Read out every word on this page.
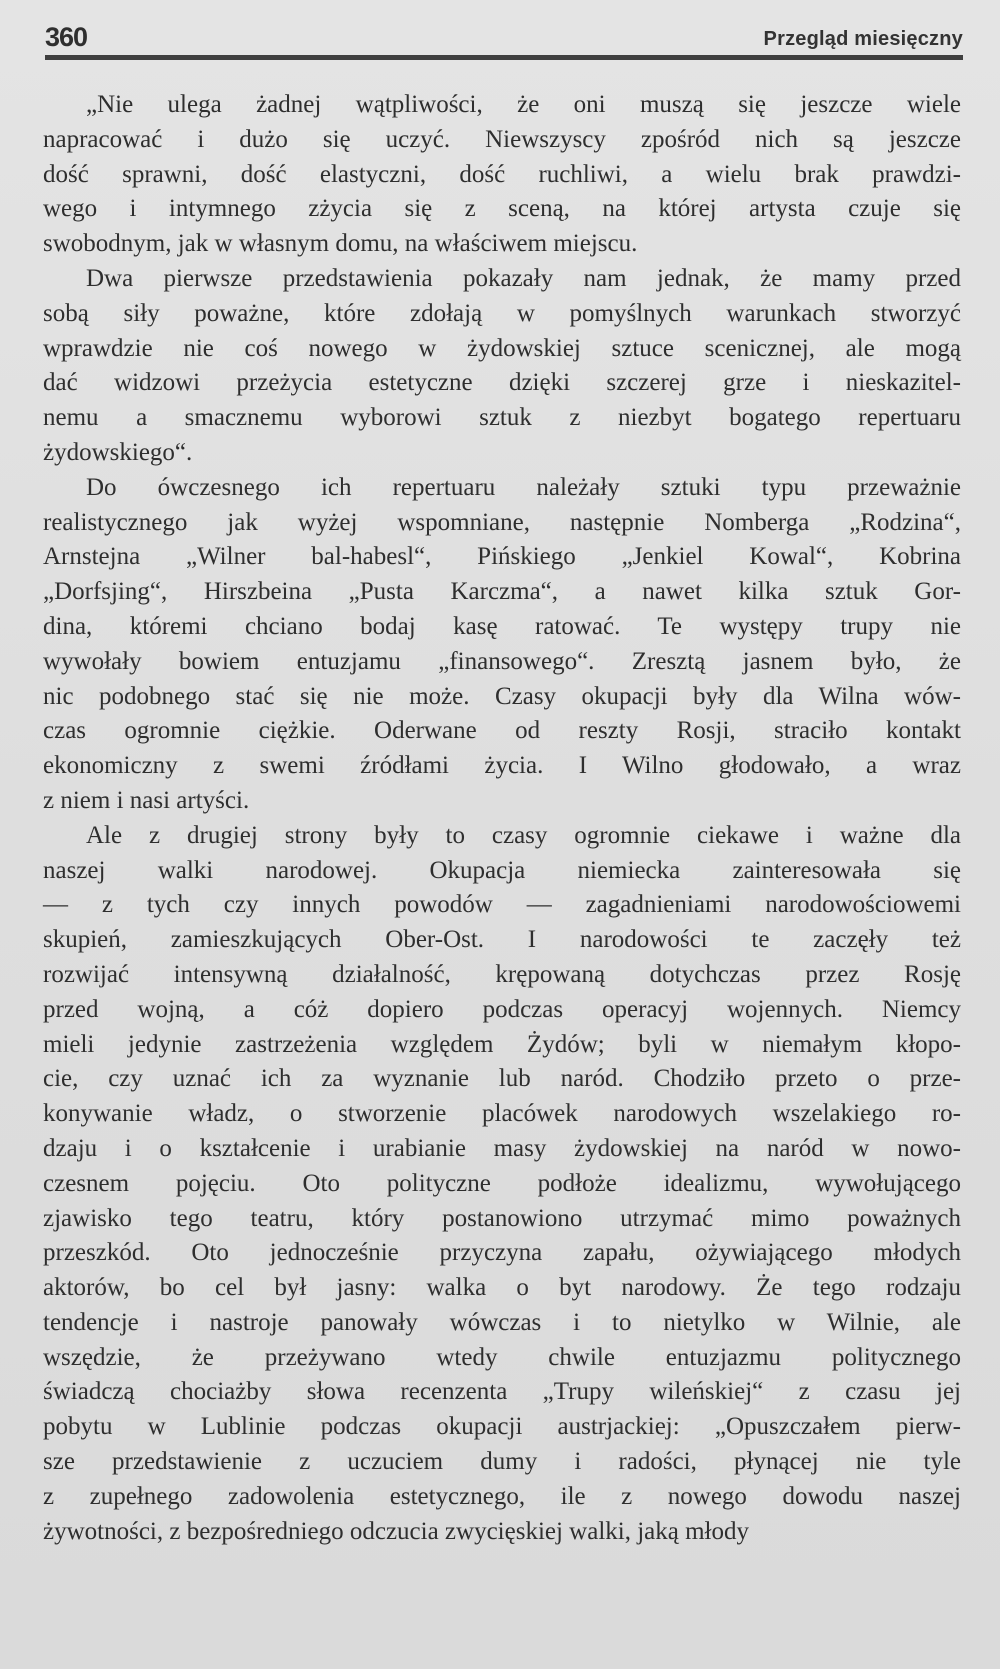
360	Przegląd miesięczny
„Nie ulega żadnej wątpliwości, że oni muszą się jeszcze wiele
napracować i dużo się uczyć. Niewszyscy zpośród nich są jeszcze
dość sprawni, dość elastyczni, dość ruchliwi, a wielu brak prawdzi-
wego i intymnego zżycia się z sceną, na której artysta czuje się
swobodnym, jak w własnym domu, na właściwem miejscu.
Dwa pierwsze przedstawienia pokazały nam jednak, że mamy przed
sobą siły poważne, które zdołają w pomyślnych warunkach stworzyć
wprawdzie nie coś nowego w żydowskiej sztuce scenicznej, ale mogą
dać widzowi przeżycia estetyczne dzięki szczerej grze i nieskazitel-
nemu a smacznemu wyborowi sztuk z niezbyt bogatego repertuaru
żydowskiego“.
Do ówczesnego ich repertuaru należały sztuki typu przeważnie
realistycznego jak wyżej wspomniane, następnie Nomberga „Rodzina“,
Arnstejna „Wilner bal-habesl“, Pińskiego „Jenkiel Kowal“, Kobrina
„Dorfsjing“, Hirszbeina „Pusta Karczma“, a nawet kilka sztuk Gor-
dina, któremi chciano bodaj kasę ratować. Te występy trupy nie
wywołały bowiem entuzjamu „finansowego“. Zresztą jasnem było, że
nic podobnego stać się nie może. Czasy okupacji były dla Wilna wów-
czas ogromnie ciężkie. Oderwane od reszty Rosji, straciło kontakt
ekonomiczny z swemi źródłami życia. I Wilno głodowało, a wraz
z niem i nasi artyści.
Ale z drugiej strony były to czasy ogromnie ciekawe i ważne dla
naszej walki narodowej. Okupacja niemiecka zainteresowała się
— z tych czy innych powodów — zagadnieniami narodowościowemi
skupień, zamieszkujących Ober-Ost. I narodowości te zaczęły też
rozwijać intensywną działalność, krępowaną dotychczas przez Rosję
przed wojną, a cóż dopiero podczas operacyj wojennych. Niemcy
mieli jedynie zastrzeżenia względem Żydów; byli w niemałym kłopo-
cie, czy uznać ich za wyznanie lub naród. Chodziło przeto o prze-
konywanie władz, o stworzenie placówek narodowych wszelakiego ro-
dzaju i o kształcenie i urabianie masy żydowskiej na naród w nowo-
czesnem pojęciu. Oto polityczne podłoże idealizmu, wywołującego
zjawisko tego teatru, który postanowiono utrzymać mimo poważnych
przeszkód. Oto jednocześnie przyczyna zapału, ożywiającego młodych
aktorów, bo cel był jasny: walka o byt narodowy. Że tego rodzaju
tendencje i nastroje panowały wówczas i to nietylko w Wilnie, ale
wszędzie, że przeżywano wtedy chwile entuzjazmu politycznego
świadczą chociażby słowa recenzenta „Trupy wileńskiej“ z czasu jej
pobytu w Lublinie podczas okupacji austrjackiej: „Opuszczałem pierw-
sze przedstawienie z uczuciem dumy i radości, płynącej nie tyle
z zupełnego zadowolenia estetycznego, ile z nowego dowodu naszej
żywotności, z bezpośredniego odczucia zwycięskiej walki, jaką młody
